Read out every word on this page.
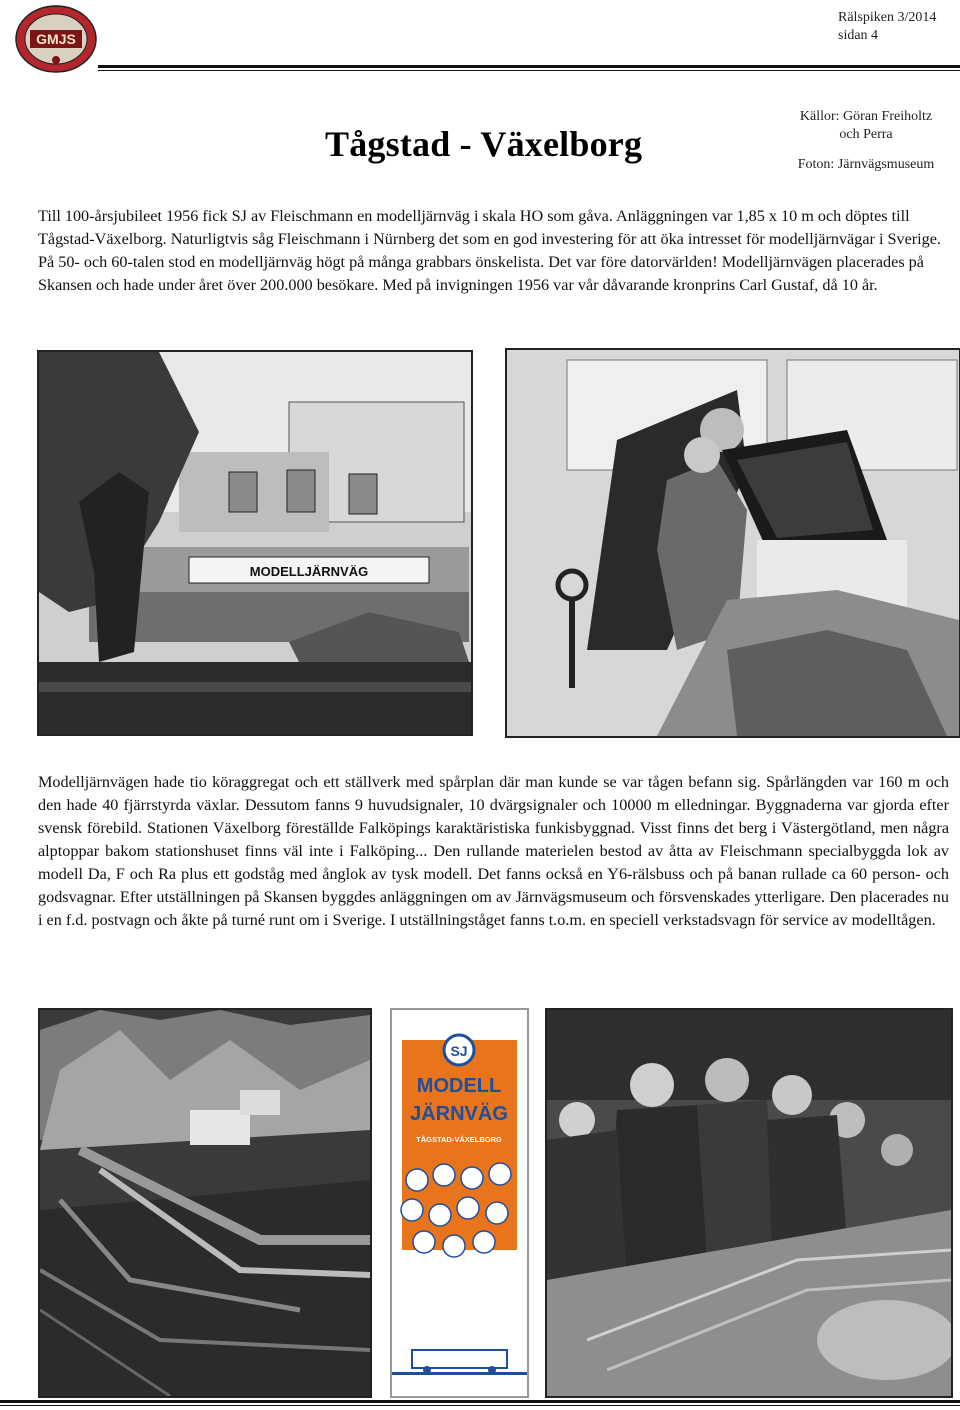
GMJS
Rälspiken 3/2014
sidan 4
Tågstad - Växelborg
Källor: Göran Freiholtz
och Perra
Foton: Järnvägsmuseum

Till 100-årsjubileet 1956 fick SJ av Fleischmann en modelljärnväg i skala HO som gåva. Anläggningen var 1,85 x 10 m och döptes till Tågstad-Växelborg. Naturligtvis såg Fleischmann i Nürnberg det som en god investering för att öka intresset för modelljärnvägar i Sverige. På 50- och 60-talen stod en modelljärnväg högt på många grabbars önskelista. Det var före datorvärlden! Modelljärnvägen placerades på Skansen och hade under året över 200.000 besökare. Med på invigningen 1956 var vår dåvarande kronprins Carl Gustaf, då 10 år.

MODELLJÄRNVÄG

Modelljärnvägen hade tio köraggregat och ett ställverk med spårplan där man kunde se var tågen befann sig. Spårlängden var 160 m och den hade 40 fjärrstyrda växlar. Dessutom fanns 9 huvudsignaler, 10 dvärgsignaler och 10000 m elledningar. Byggnaderna var gjorda efter svensk förebild. Stationen Växelborg föreställde Falköpings karaktäristiska funkisbyggnad. Visst finns det berg i Västergötland, men några alptoppar bakom stationshuset finns väl inte i Falköping... Den rullande materielen bestod av åtta av Fleischmann specialbyggda lok av modell Da, F och Ra plus ett godståg med ånglok av tysk modell. Det fanns också en Y6-rälsbuss och på banan rullade ca 60 person- och godsvagnar. Efter utställningen på Skansen byggdes anläggningen om av Järnvägsmuseum och försvenskades ytterligare. Den placerades nu i en f.d. postvagn och åkte på turné runt om i Sverige. I utställningståget fanns t.o.m. en speciell verkstadsvagn för service av modelltågen.

SJ
MODELL
JÄRNVÄG
TÅGSTAD-VÄXELBORG
